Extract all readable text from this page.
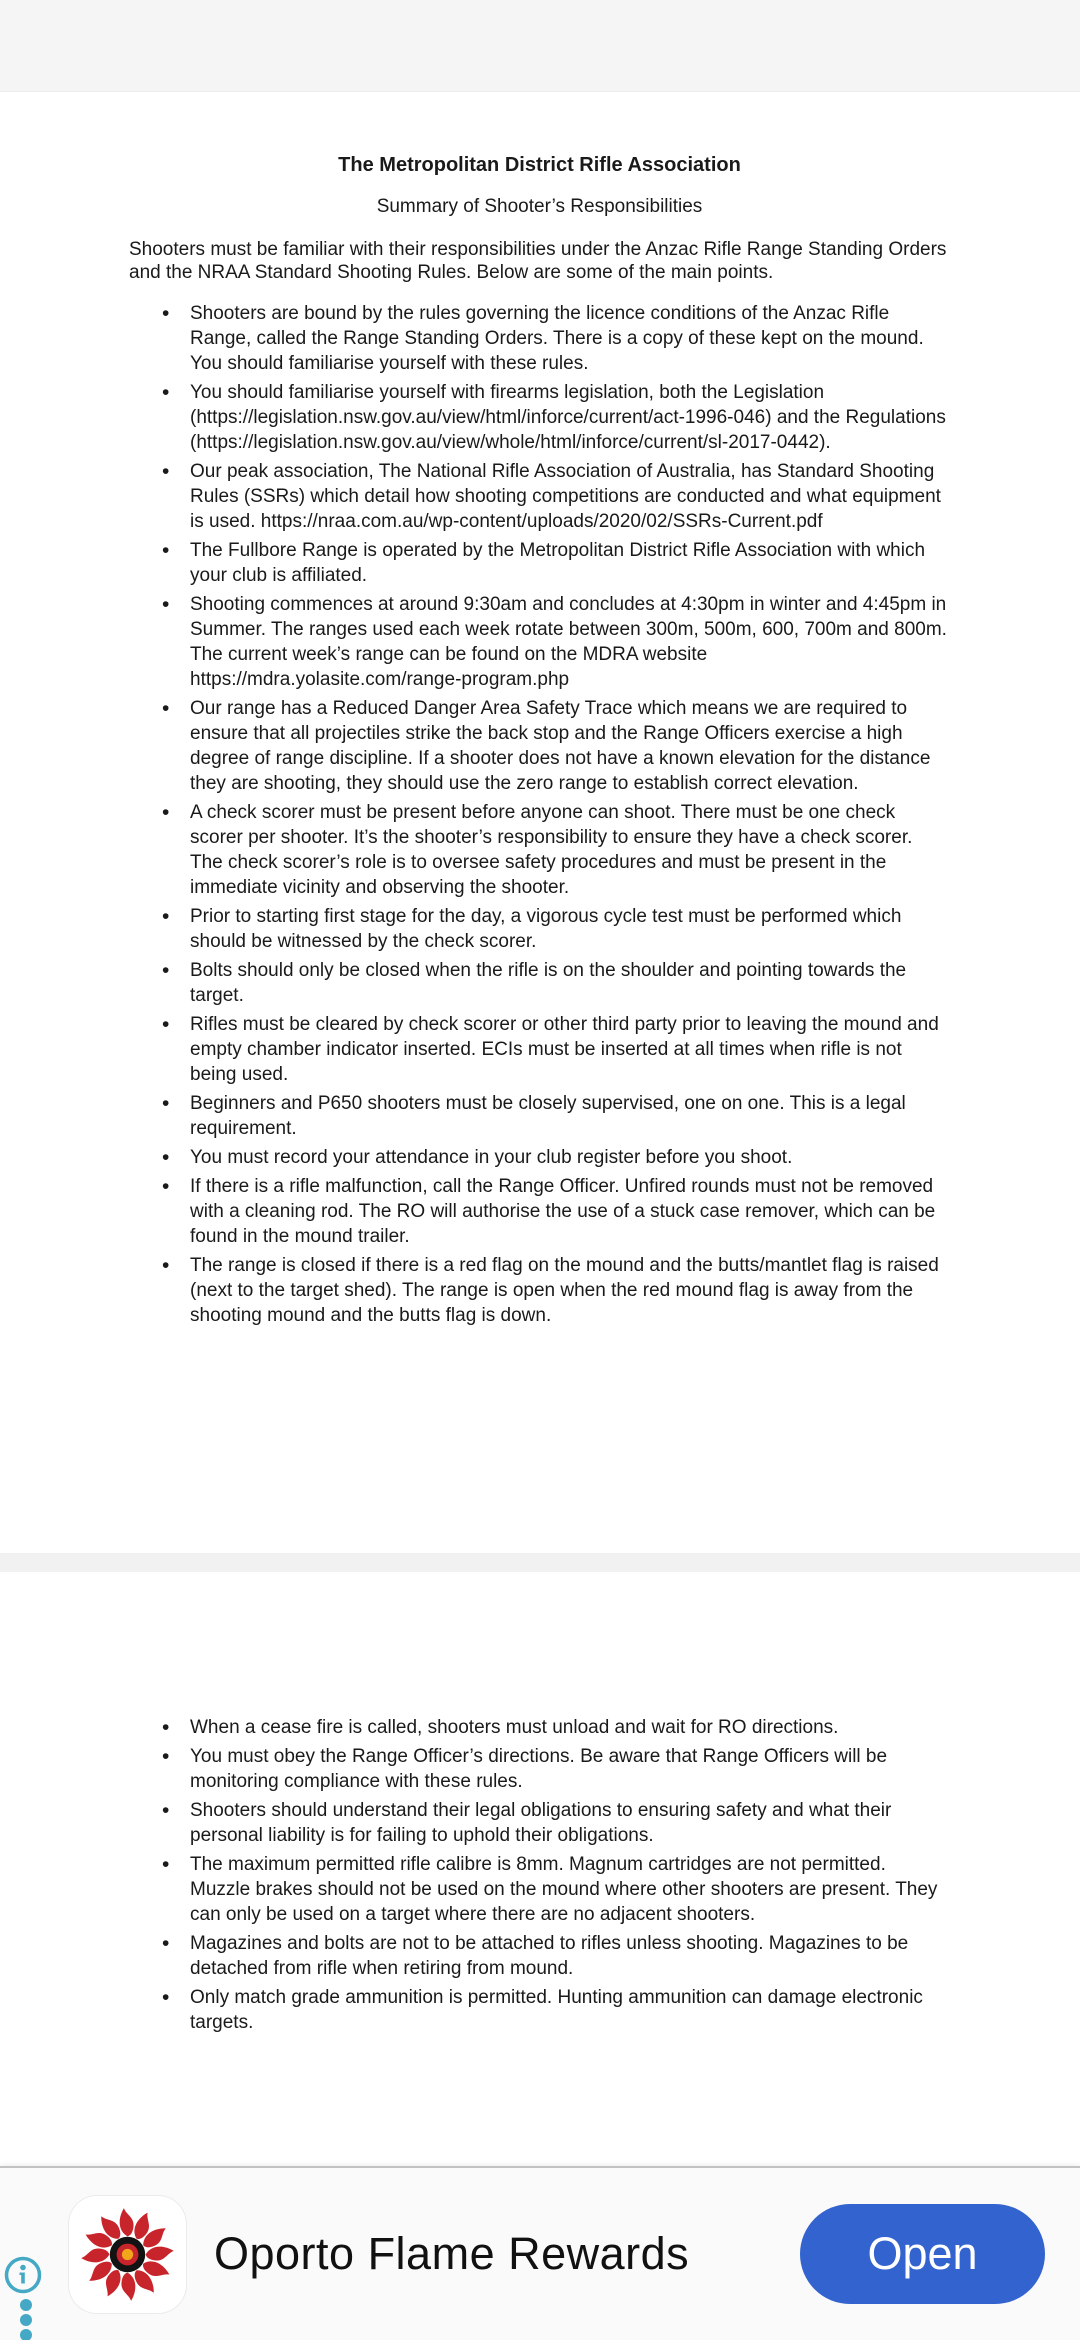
The Metropolitan District Rifle Association
Summary of Shooter’s Responsibilities

Shooters must be familiar with their responsibilities under the Anzac Rifle Range Standing Orders and the NRAA Standard Shooting Rules. Below are some of the main points.

• Shooters are bound by the rules governing the licence conditions of the Anzac Rifle Range, called the Range Standing Orders. There is a copy of these kept on the mound. You should familiarise yourself with these rules.
• You should familiarise yourself with firearms legislation, both the Legislation (https://legislation.nsw.gov.au/view/html/inforce/current/act-1996-046) and the Regulations (https://legislation.nsw.gov.au/view/whole/html/inforce/current/sl-2017-0442).
• Our peak association, The National Rifle Association of Australia, has Standard Shooting Rules (SSRs) which detail how shooting competitions are conducted and what equipment is used. https://nraa.com.au/wp-content/uploads/2020/02/SSRs-Current.pdf
• The Fullbore Range is operated by the Metropolitan District Rifle Association with which your club is affiliated.
• Shooting commences at around 9:30am and concludes at 4:30pm in winter and 4:45pm in Summer. The ranges used each week rotate between 300m, 500m, 600, 700m and 800m. The current week’s range can be found on the MDRA website https://mdra.yolasite.com/range-program.php
• Our range has a Reduced Danger Area Safety Trace which means we are required to ensure that all projectiles strike the back stop and the Range Officers exercise a high degree of range discipline. If a shooter does not have a known elevation for the distance they are shooting, they should use the zero range to establish correct elevation.
• A check scorer must be present before anyone can shoot. There must be one check scorer per shooter. It’s the shooter’s responsibility to ensure they have a check scorer. The check scorer’s role is to oversee safety procedures and must be present in the immediate vicinity and observing the shooter.
• Prior to starting first stage for the day, a vigorous cycle test must be performed which should be witnessed by the check scorer.
• Bolts should only be closed when the rifle is on the shoulder and pointing towards the target.
• Rifles must be cleared by check scorer or other third party prior to leaving the mound and empty chamber indicator inserted. ECIs must be inserted at all times when rifle is not being used.
• Beginners and P650 shooters must be closely supervised, one on one. This is a legal requirement.
• You must record your attendance in your club register before you shoot.
• If there is a rifle malfunction, call the Range Officer. Unfired rounds must not be removed with a cleaning rod. The RO will authorise the use of a stuck case remover, which can be found in the mound trailer.
• The range is closed if there is a red flag on the mound and the butts/mantlet flag is raised (next to the target shed). The range is open when the red mound flag is away from the shooting mound and the butts flag is down.
• When a cease fire is called, shooters must unload and wait for RO directions.
• You must obey the Range Officer’s directions. Be aware that Range Officers will be monitoring compliance with these rules.
• Shooters should understand their legal obligations to ensuring safety and what their personal liability is for failing to uphold their obligations.
• The maximum permitted rifle calibre is 8mm. Magnum cartridges are not permitted. Muzzle brakes should not be used on the mound where other shooters are present. They can only be used on a target where there are no adjacent shooters.
• Magazines and bolts are not to be attached to rifles unless shooting. Magazines to be detached from rifle when retiring from mound.
• Only match grade ammunition is permitted. Hunting ammunition can damage electronic targets.
Oporto Flame Rewards	Open
